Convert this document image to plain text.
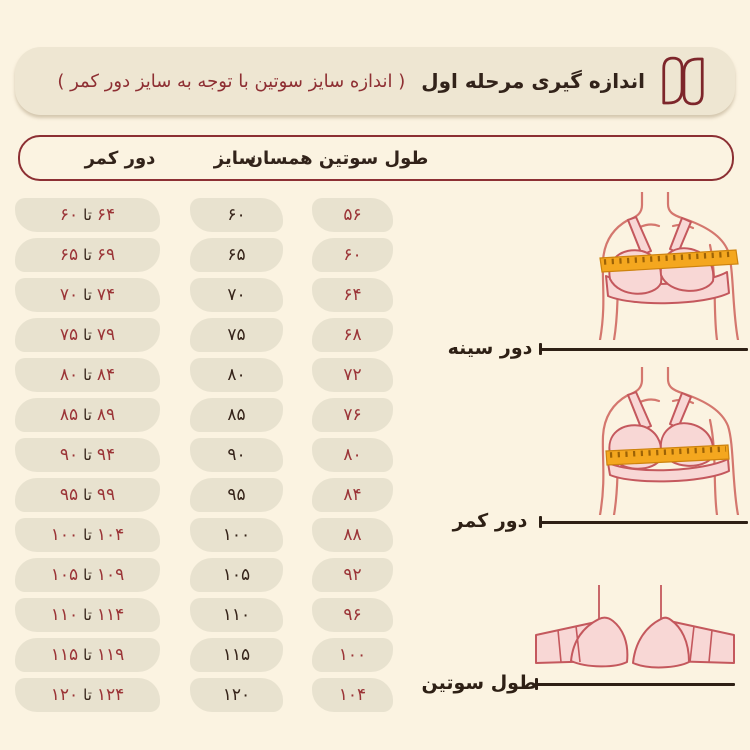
اندازه گیری مرحله اول
( اندازه سایز سوتین با توجه به سایز دور کمر )
دور کمر	سایز
طول سوتین همسان
۶۰ تا ۶۴	۶۰	۵۶
۶۵ تا ۶۹	۶۵	۶۰
۷۰ تا ۷۴	۷۰	۶۴
۷۵ تا ۷۹	۷۵	۶۸
۸۰ تا ۸۴	۸۰	۷۲
۸۵ تا ۸۹	۸۵	۷۶
۹۰ تا ۹۴	۹۰	۸۰
۹۵ تا ۹۹	۹۵	۸۴
۱۰۰ تا ۱۰۴	۱۰۰	۸۸
۱۰۵ تا ۱۰۹	۱۰۵	۹۲
۱۱۰ تا ۱۱۴	۱۱۰	۹۶
۱۱۵ تا ۱۱۹	۱۱۵	۱۰۰
۱۲۰ تا ۱۲۴	۱۲۰	۱۰۴
دور سینه
دور کمر
طول سوتین
